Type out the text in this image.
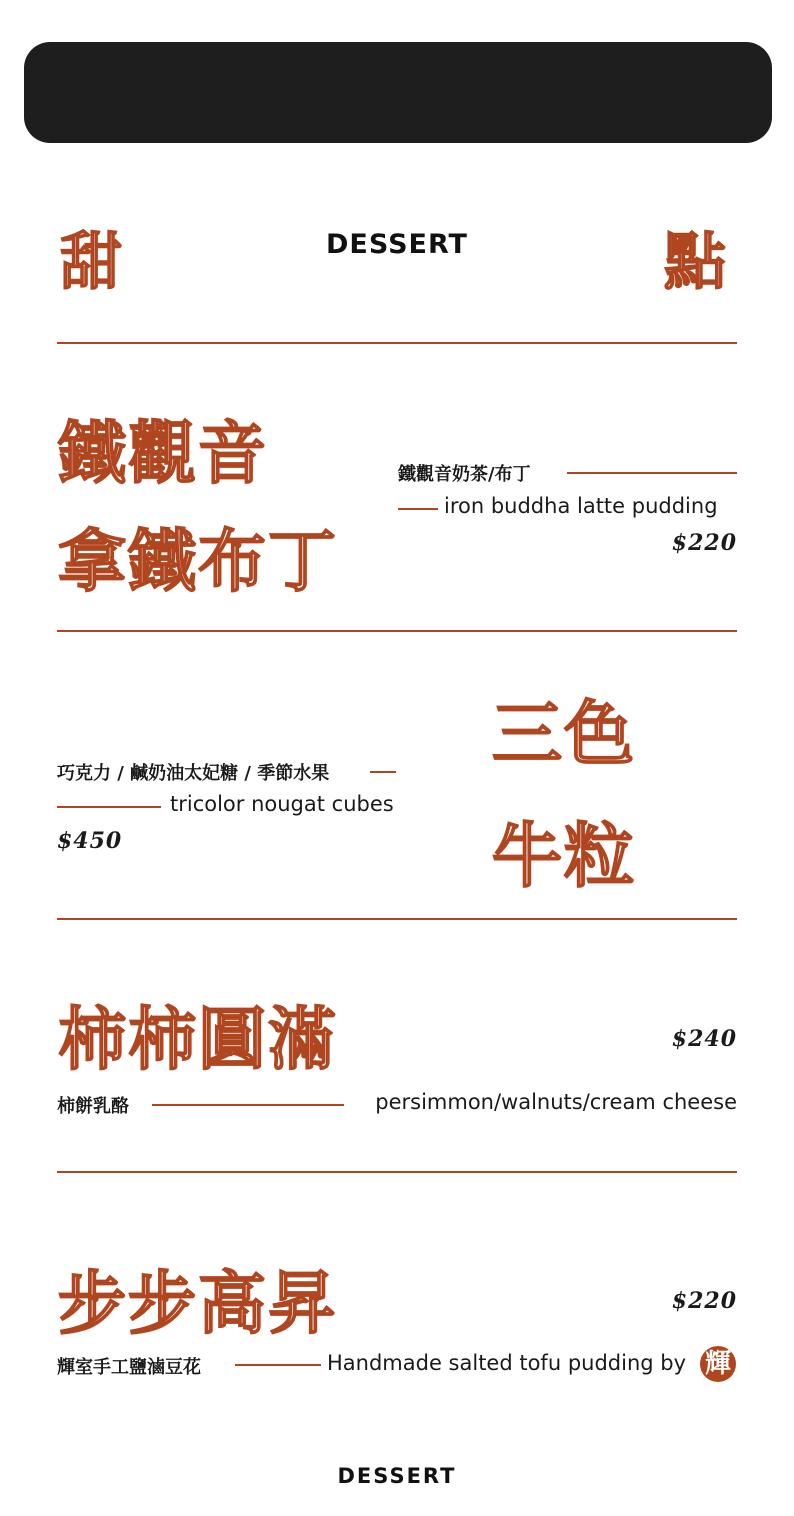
甜	DESSERT	點
鐵觀音
拿鐵布丁
鐵觀音奶茶/布丁
iron buddha latte pudding
$220
巧克力 / 鹹奶油太妃糖 / 季節水果
tricolor nougat cubes
$450
三色
牛粒
柿柿圓滿	$240
柿餅乳酪	persimmon/walnuts/cream cheese
步步高昇	$220
輝室手工鹽滷豆花	Handmade salted tofu pudding by 輝
DESSERT
